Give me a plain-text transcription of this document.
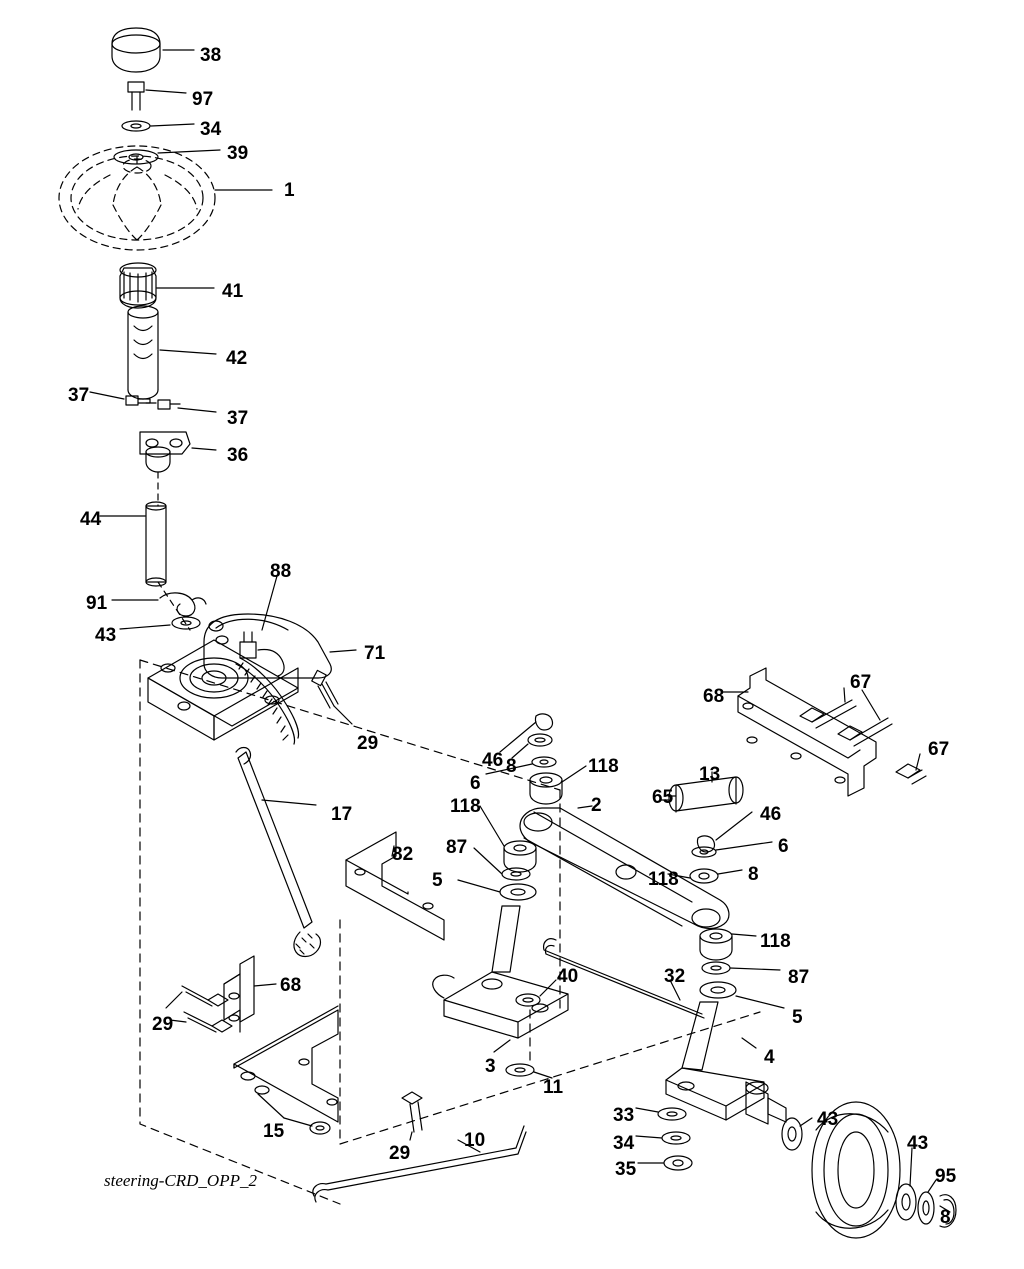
38
97
34
39
1
41
42
37
37
36
44
88
91
43
71
29
46 8
6
118
68
67
67
13
65
46
6
8
118
118	2
87
5
82
17
118
87
5
40	32
68
29
3
11
4
43
43
95
8
33
34
35
15
29
10
steering-CRD_OPP_2
